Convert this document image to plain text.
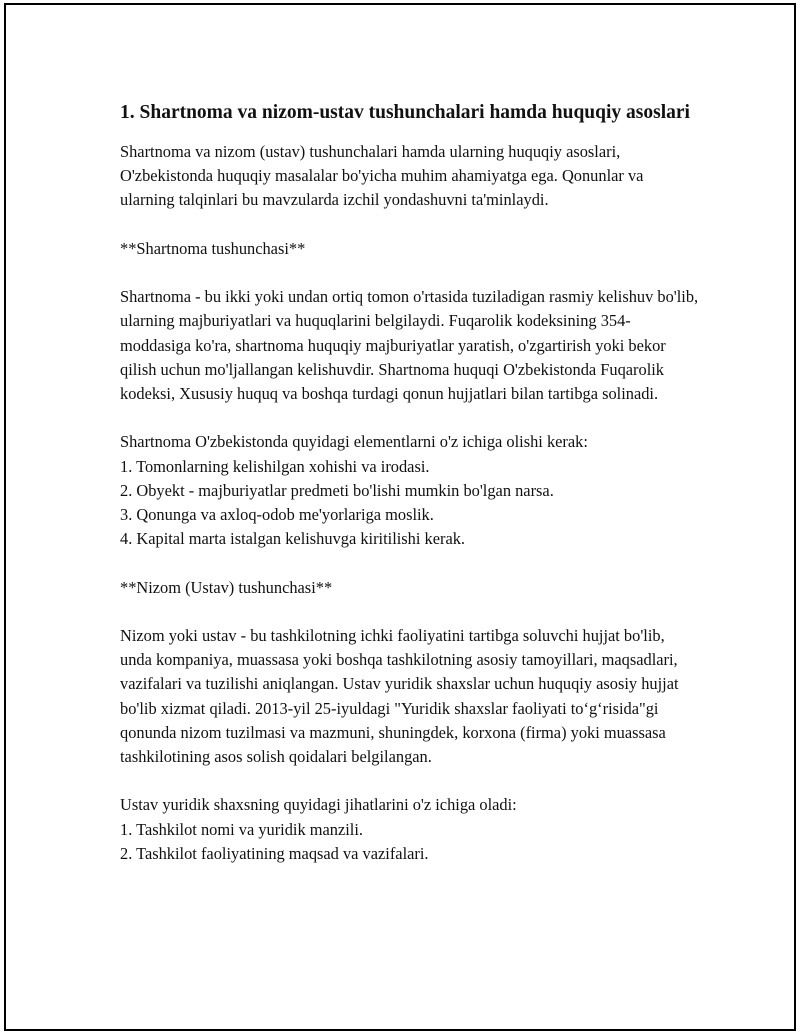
1. Shartnoma va nizom-ustav tushunchalari hamda huquqiy asoslari

Shartnoma va nizom (ustav) tushunchalari hamda ularning huquqiy asoslari, O'zbekistonda huquqiy masalalar bo'yicha muhim ahamiyatga ega. Qonunlar va ularning talqinlari bu mavzularda izchil yondashuvni ta'minlaydi.

**Shartnoma tushunchasi**

Shartnoma - bu ikki yoki undan ortiq tomon o'rtasida tuziladigan rasmiy kelishuv bo'lib, ularning majburiyatlari va huquqlarini belgilaydi. Fuqarolik kodeksining 354-moddasiga ko'ra, shartnoma huquqiy majburiyatlar yaratish, o'zgartirish yoki bekor qilish uchun mo'ljallangan kelishuvdir. Shartnoma huquqi O'zbekistonda Fuqarolik kodeksi, Xususiy huquq va boshqa turdagi qonun hujjatlari bilan tartibga solinadi.

Shartnoma O'zbekistonda quyidagi elementlarni o'z ichiga olishi kerak:

1. Tomonlarning kelishilgan xohishi va irodasi.
2. Obyekt - majburiyatlar predmeti bo'lishi mumkin bo'lgan narsa.
3. Qonunga va axloq-odob me'yorlariga moslik.
4. Kapital marta istalgan kelishuvga kiritilishi kerak.

**Nizom (Ustav) tushunchasi**

Nizom yoki ustav - bu tashkilotning ichki faoliyatini tartibga soluvchi hujjat bo'lib, unda kompaniya, muassasa yoki boshqa tashkilotning asosiy tamoyillari, maqsadlari, vazifalari va tuzilishi aniqlangan. Ustav yuridik shaxslar uchun huquqiy asosiy hujjat bo'lib xizmat qiladi. 2013-yil 25-iyuldagi "Yuridik shaxslar faoliyati to‘g‘risida"gi qonunda nizom tuzilmasi va mazmuni, shuningdek, korxona (firma) yoki muassasa tashkilotining asos solish qoidalari belgilangan.

Ustav yuridik shaxsning quyidagi jihatlarini o'z ichiga oladi:

1. Tashkilot nomi va yuridik manzili.
2. Tashkilot faoliyatining maqsad va vazifalari.
